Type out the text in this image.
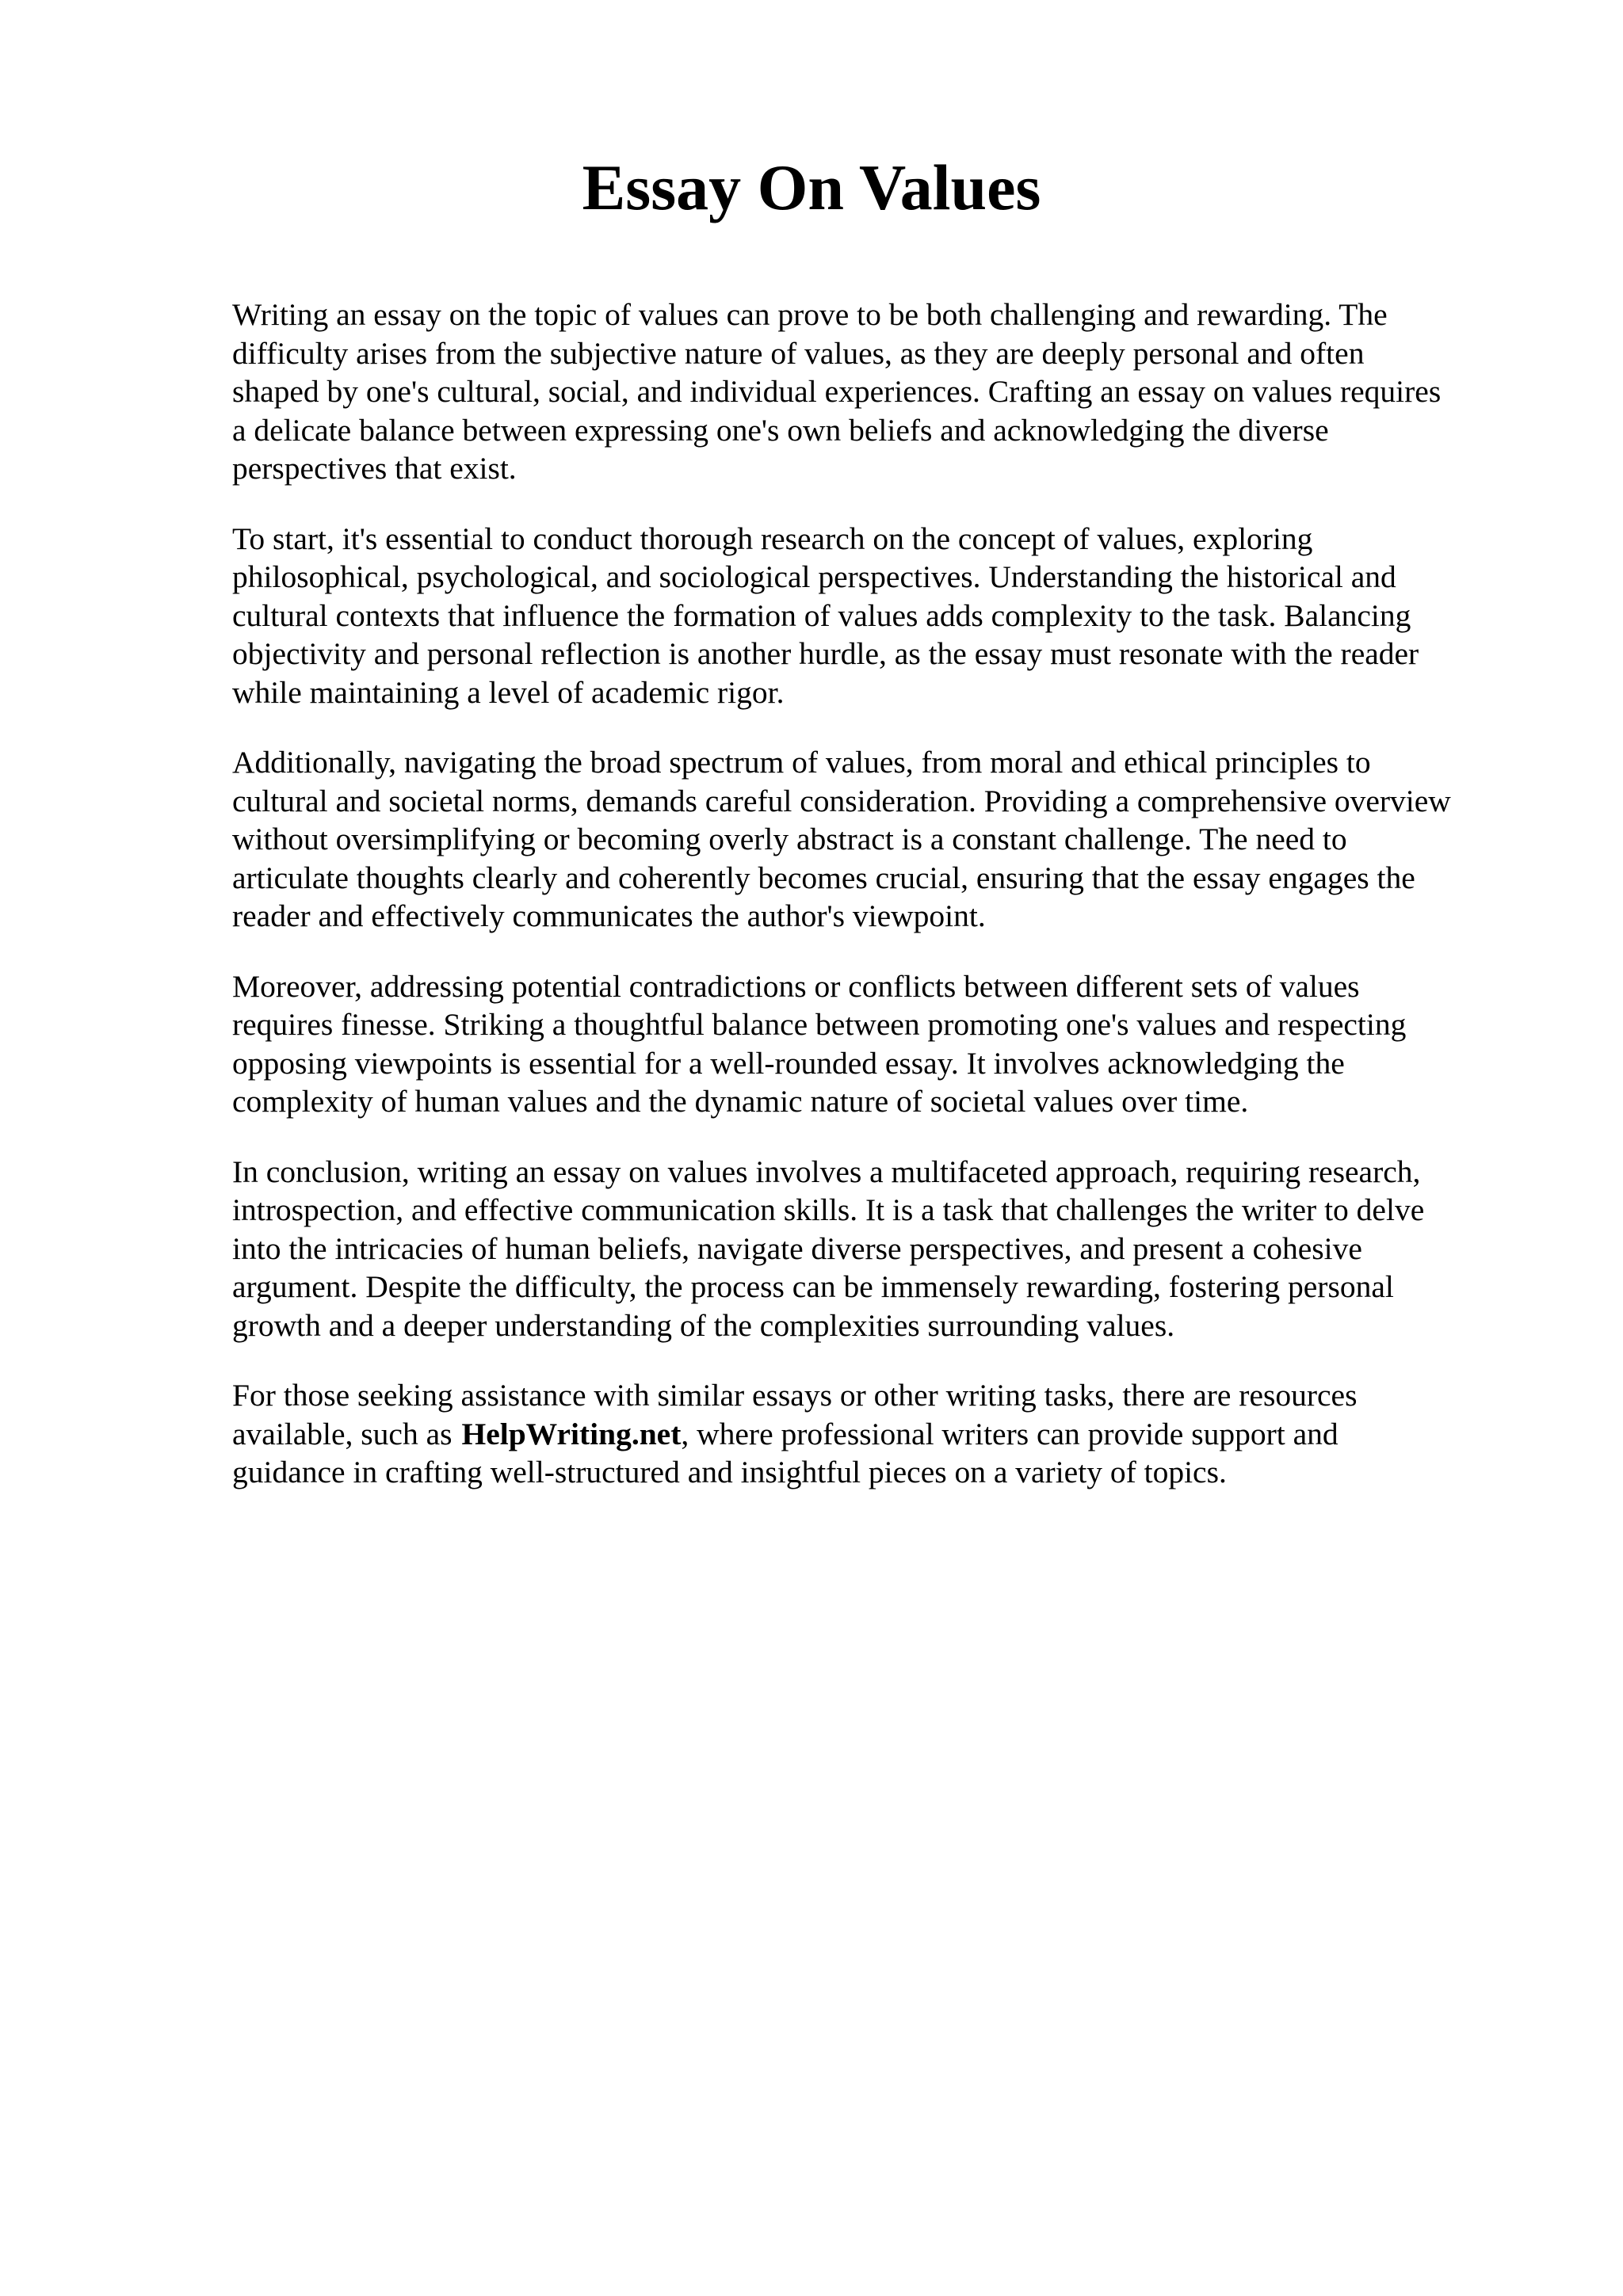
Essay On Values

Writing an essay on the topic of values can prove to be both challenging and rewarding. The
difficulty arises from the subjective nature of values, as they are deeply personal and often
shaped by one's cultural, social, and individual experiences. Crafting an essay on values requires
a delicate balance between expressing one's own beliefs and acknowledging the diverse
perspectives that exist.

To start, it's essential to conduct thorough research on the concept of values, exploring
philosophical, psychological, and sociological perspectives. Understanding the historical and
cultural contexts that influence the formation of values adds complexity to the task. Balancing
objectivity and personal reflection is another hurdle, as the essay must resonate with the reader
while maintaining a level of academic rigor.

Additionally, navigating the broad spectrum of values, from moral and ethical principles to
cultural and societal norms, demands careful consideration. Providing a comprehensive overview
without oversimplifying or becoming overly abstract is a constant challenge. The need to
articulate thoughts clearly and coherently becomes crucial, ensuring that the essay engages the
reader and effectively communicates the author's viewpoint.

Moreover, addressing potential contradictions or conflicts between different sets of values
requires finesse. Striking a thoughtful balance between promoting one's values and respecting
opposing viewpoints is essential for a well-rounded essay. It involves acknowledging the
complexity of human values and the dynamic nature of societal values over time.

In conclusion, writing an essay on values involves a multifaceted approach, requiring research,
introspection, and effective communication skills. It is a task that challenges the writer to delve
into the intricacies of human beliefs, navigate diverse perspectives, and present a cohesive
argument. Despite the difficulty, the process can be immensely rewarding, fostering personal
growth and a deeper understanding of the complexities surrounding values.

For those seeking assistance with similar essays or other writing tasks, there are resources
available, such as HelpWriting.net, where professional writers can provide support and
guidance in crafting well-structured and insightful pieces on a variety of topics.
